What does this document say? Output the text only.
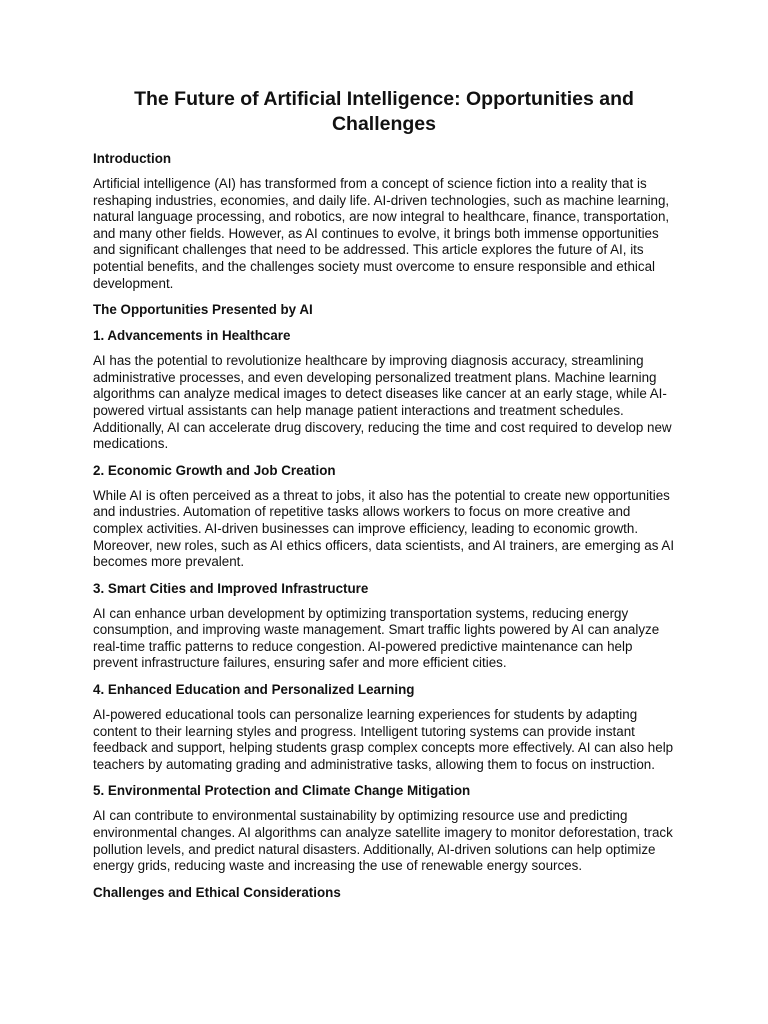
The Future of Artificial Intelligence: Opportunities and Challenges
Introduction

Artificial intelligence (AI) has transformed from a concept of science fiction into a reality that is reshaping industries, economies, and daily life. AI-driven technologies, such as machine learning, natural language processing, and robotics, are now integral to healthcare, finance, transportation, and many other fields. However, as AI continues to evolve, it brings both immense opportunities and significant challenges that need to be addressed. This article explores the future of AI, its potential benefits, and the challenges society must overcome to ensure responsible and ethical development.

The Opportunities Presented by AI
1. Advancements in Healthcare

AI has the potential to revolutionize healthcare by improving diagnosis accuracy, streamlining administrative processes, and even developing personalized treatment plans. Machine learning algorithms can analyze medical images to detect diseases like cancer at an early stage, while AI-powered virtual assistants can help manage patient interactions and treatment schedules. Additionally, AI can accelerate drug discovery, reducing the time and cost required to develop new medications.

2. Economic Growth and Job Creation

While AI is often perceived as a threat to jobs, it also has the potential to create new opportunities and industries. Automation of repetitive tasks allows workers to focus on more creative and complex activities. AI-driven businesses can improve efficiency, leading to economic growth. Moreover, new roles, such as AI ethics officers, data scientists, and AI trainers, are emerging as AI becomes more prevalent.

3. Smart Cities and Improved Infrastructure

AI can enhance urban development by optimizing transportation systems, reducing energy consumption, and improving waste management. Smart traffic lights powered by AI can analyze real-time traffic patterns to reduce congestion. AI-powered predictive maintenance can help prevent infrastructure failures, ensuring safer and more efficient cities.

4. Enhanced Education and Personalized Learning

AI-powered educational tools can personalize learning experiences for students by adapting content to their learning styles and progress. Intelligent tutoring systems can provide instant feedback and support, helping students grasp complex concepts more effectively. AI can also help teachers by automating grading and administrative tasks, allowing them to focus on instruction.

5. Environmental Protection and Climate Change Mitigation

AI can contribute to environmental sustainability by optimizing resource use and predicting environmental changes. AI algorithms can analyze satellite imagery to monitor deforestation, track pollution levels, and predict natural disasters. Additionally, AI-driven solutions can help optimize energy grids, reducing waste and increasing the use of renewable energy sources.

Challenges and Ethical Considerations
